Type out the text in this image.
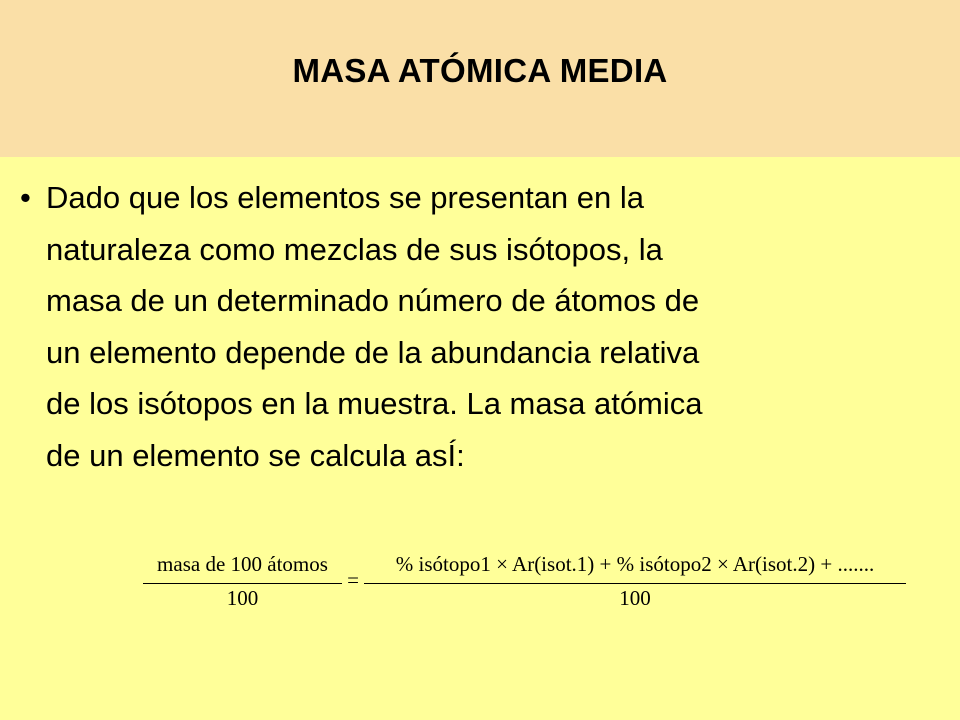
MASA ATÓMICA MEDIA
• Dado que los elementos se presentan en la
naturaleza como mezclas de sus isótopos, la
masa de un determinado número de átomos de
un elemento depende de la abundancia relativa
de los isótopos en la muestra. La masa atómica
de un elemento se calcula asÍ:
masa de 100 átomos
100
=
% isótopo1 × Ar(isot.1) + % isótopo2 × Ar(isot.2) + .......
100
